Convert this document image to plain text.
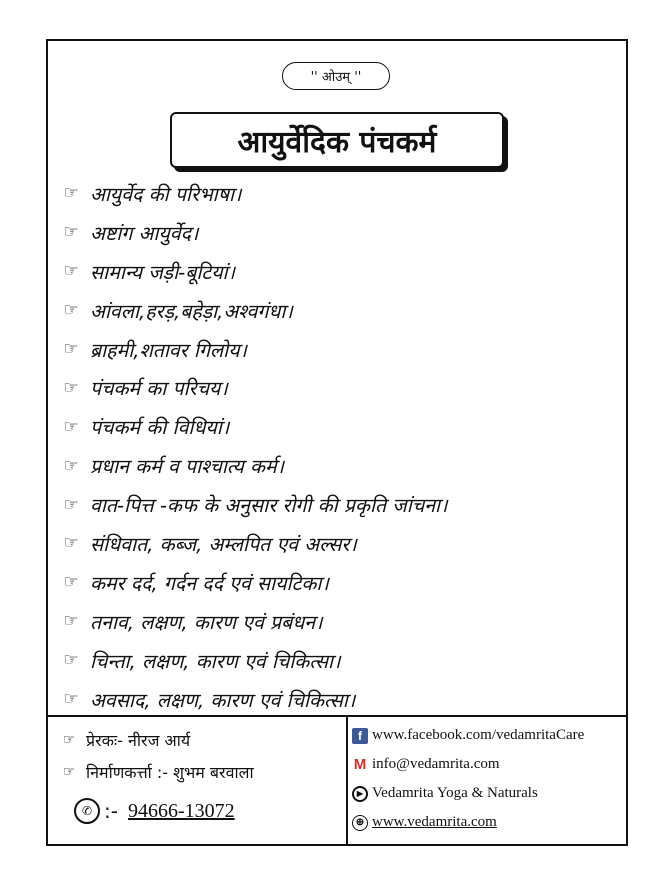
'' ओउम् ''
आयुर्वेदिक पंचकर्म
☞ आयुर्वेद की परिभाषा।
☞ अष्टांग आयुर्वेद।
☞ सामान्य जड़ी-बूटियां।
☞ आंवला,हरड़,बहेड़ा,अश्वगंधा।
☞ ब्राहमी,शतावर गिलोय।
☞ पंचकर्म का परिचय।
☞ पंचकर्म की विधियां।
☞ प्रधान कर्म व पाश्चात्य कर्म।
☞ वात-पित्त -कफ के अनुसार रोगी की प्रकृति जांचना।
☞ संधिवात, कब्ज, अम्लपित एवं अल्सर।
☞ कमर दर्द, गर्दन दर्द एवं सायटिका।
☞ तनाव, लक्षण, कारण एवं प्रबंधन।
☞ चिन्ता, लक्षण, कारण एवं चिकित्सा।
☞ अवसाद, लक्षण, कारण एवं चिकित्सा।
☞ प्रेरकः- नीरज आर्य
☞ निर्माणकर्त्ता :- शुभम बरवाला
✆ :- 94666-13072
f www.facebook.com/vedamritaCare
M info@vedamrita.com
▶ Vedamrita Yoga & Naturals
⊕ www.vedamrita.com
